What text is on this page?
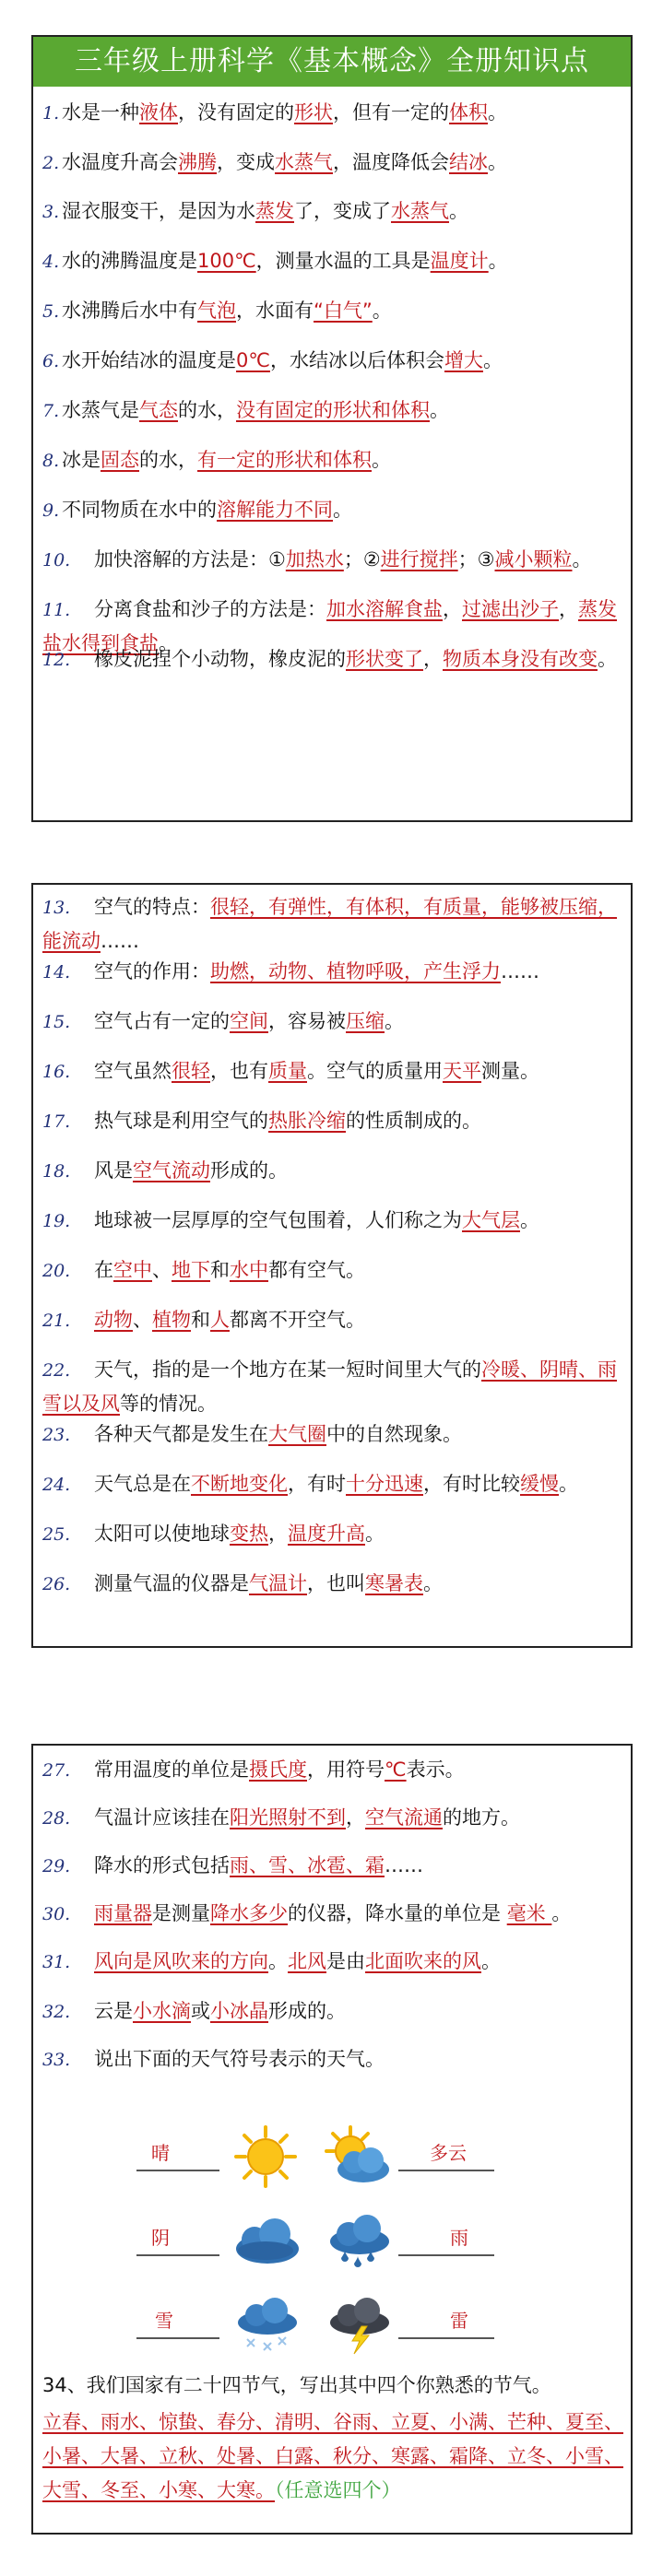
三年级上册科学《基本概念》全册知识点
1. 水是一种液体，没有固定的形状，但有一定的体积。
2. 水温度升高会沸腾，变成水蒸气，温度降低会结冰。
3. 湿衣服变干，是因为水蒸发了，变成了水蒸气。
4. 水的沸腾温度是100℃，测量水温的工具是温度计。
5. 水沸腾后水中有气泡，水面有“白气”。
6. 水开始结冰的温度是0℃，水结冰以后体积会增大。
7. 水蒸气是气态的水，没有固定的形状和体积。
8. 冰是固态的水，有一定的形状和体积。
9. 不同物质在水中的溶解能力不同。
10. 加快溶解的方法是：①加热水；②进行搅拌；③减小颗粒。
11. 分离食盐和沙子的方法是：加水溶解食盐，过滤出沙子，蒸发盐水得到食盐。
12. 橡皮泥捏个小动物，橡皮泥的形状变了，物质本身没有改变。
13. 空气的特点：很轻，有弹性，有体积，有质量，能够被压缩，能流动……
14. 空气的作用：助燃，动物、植物呼吸，产生浮力……
15. 空气占有一定的空间，容易被压缩。
16. 空气虽然很轻，也有质量。空气的质量用天平测量。
17. 热气球是利用空气的热胀冷缩的性质制成的。
18. 风是空气流动形成的。
19. 地球被一层厚厚的空气包围着，人们称之为大气层。
20. 在空中、地下和水中都有空气。
21. 动物、植物和人都离不开空气。
22. 天气，指的是一个地方在某一短时间里大气的冷暖、阴晴、雨雪以及风等的情况。
23. 各种天气都是发生在大气圈中的自然现象。
24. 天气总是在不断地变化，有时十分迅速，有时比较缓慢。
25. 太阳可以使地球变热，温度升高。
26. 测量气温的仪器是气温计，也叫寒暑表。
27. 常用温度的单位是摄氏度，用符号℃表示。
28. 气温计应该挂在阳光照射不到，空气流通的地方。
29. 降水的形式包括雨、雪、冰雹、霜……
30. 雨量器是测量降水多少的仪器，降水量的单位是 毫米 。
31. 风向是风吹来的方向。北风是由北面吹来的风。
32. 云是小水滴或小冰晶形成的。
33. 说出下面的天气符号表示的天气。
晴	多云
阴	雨
雪	雷
34、我们国家有二十四节气，写出其中四个你熟悉的节气。
立春、雨水、惊蛰、春分、清明、谷雨、立夏、小满、芒种、夏至、小暑、大暑、立秋、处暑、白露、秋分、寒露、霜降、立冬、小雪、大雪、冬至、小寒、大寒。（任意选四个）
